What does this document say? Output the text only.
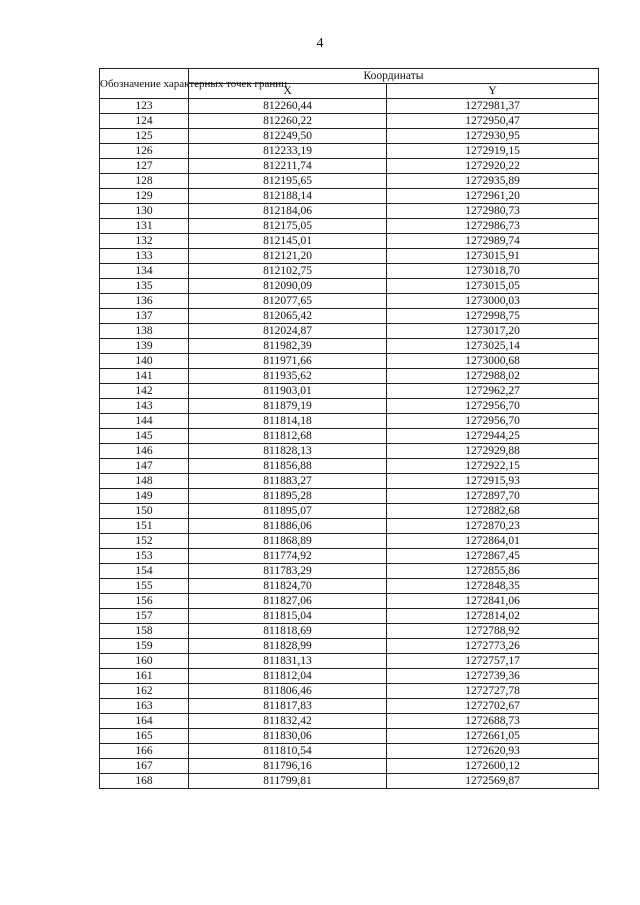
4
Обозначение характерных точек границ	Координаты	
	X	Y
123	812260,44	1272981,37
124	812260,22	1272950,47
125	812249,50	1272930,95
126	812233,19	1272919,15
127	812211,74	1272920,22
128	812195,65	1272935,89
129	812188,14	1272961,20
130	812184,06	1272980,73
131	812175,05	1272986,73
132	812145,01	1272989,74
133	812121,20	1273015,91
134	812102,75	1273018,70
135	812090,09	1273015,05
136	812077,65	1273000,03
137	812065,42	1272998,75
138	812024,87	1273017,20
139	811982,39	1273025,14
140	811971,66	1273000,68
141	811935,62	1272988,02
142	811903,01	1272962,27
143	811879,19	1272956,70
144	811814,18	1272956,70
145	811812,68	1272944,25
146	811828,13	1272929,88
147	811856,88	1272922,15
148	811883,27	1272915,93
149	811895,28	1272897,70
150	811895,07	1272882,68
151	811886,06	1272870,23
152	811868,89	1272864,01
153	811774,92	1272867,45
154	811783,29	1272855,86
155	811824,70	1272848,35
156	811827,06	1272841,06
157	811815,04	1272814,02
158	811818,69	1272788,92
159	811828,99	1272773,26
160	811831,13	1272757,17
161	811812,04	1272739,36
162	811806,46	1272727,78
163	811817,83	1272702,67
164	811832,42	1272688,73
165	811830,06	1272661,05
166	811810,54	1272620,93
167	811796,16	1272600,12
168	811799,81	1272569,87
